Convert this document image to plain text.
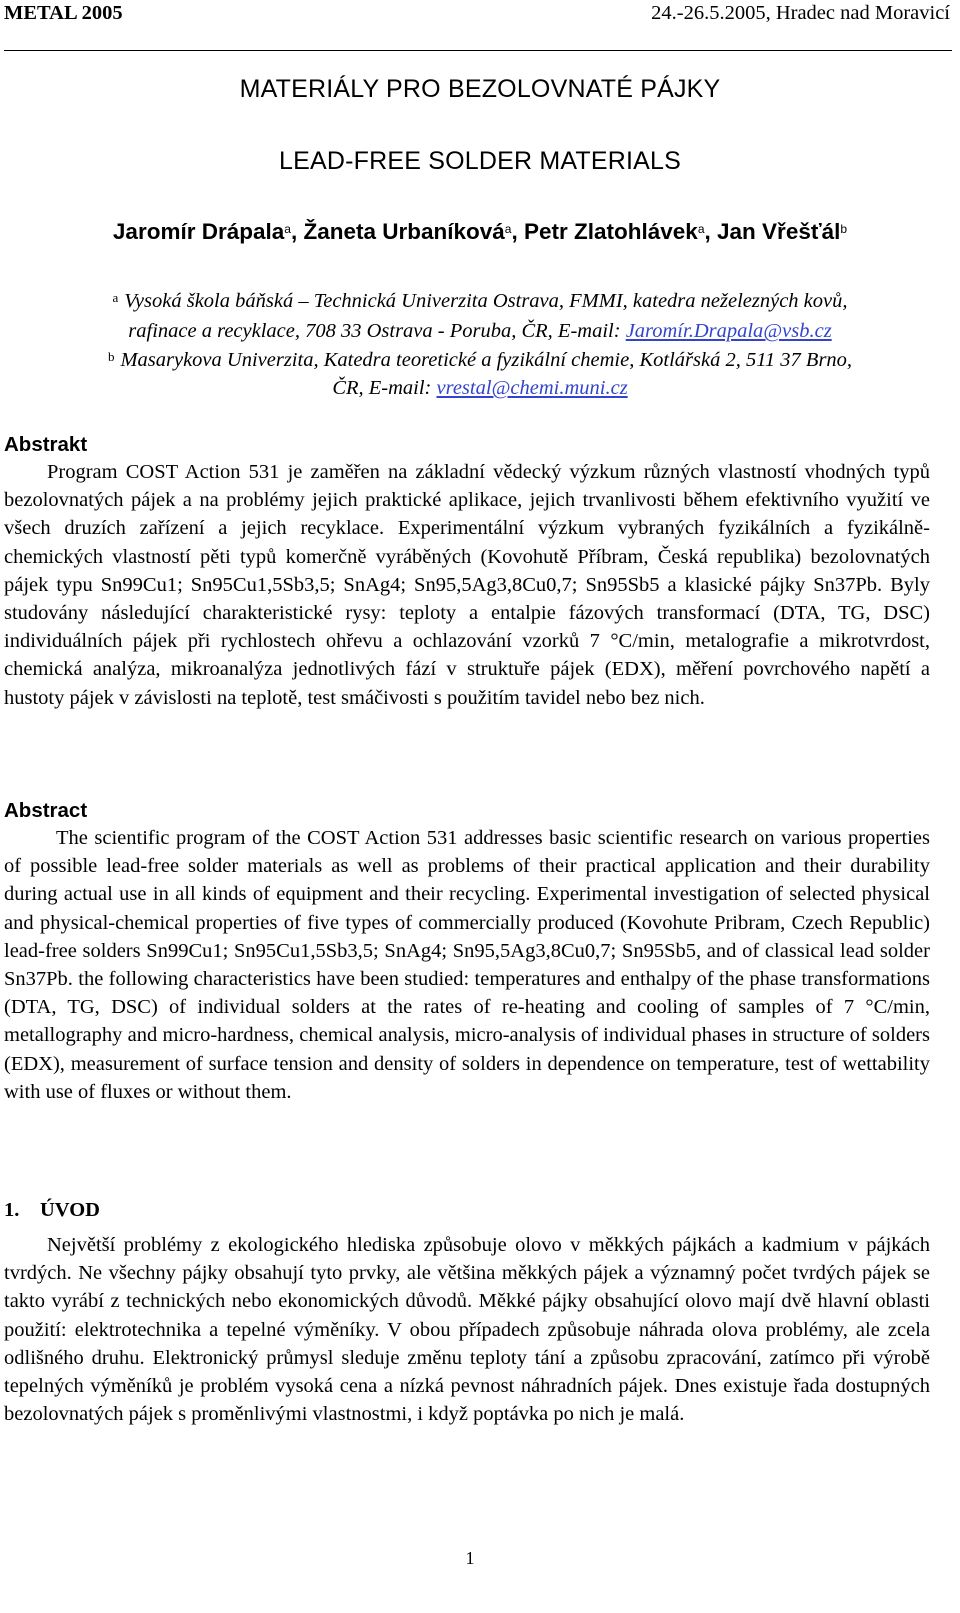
METAL 2005	24.-26.5.2005, Hradec nad Moravicí
MATERIÁLY PRO BEZOLOVNATÉ PÁJKY
LEAD-FREE SOLDER MATERIALS
Jaromír Drápala$^a$, Žaneta Urbaníková$^a$, Petr Zlatohlávek$^a$, Jan Vřešťál$^b$
$^a$ Vysoká škola báňská – Technická Univerzita Ostrava, FMMI, katedra neželezných kovů,
rafinace a recyklace, 708 33 Ostrava - Poruba, ČR, E-mail: Jaromír.Drapala@vsb.cz
$^b$ Masarykova Univerzita, Katedra teoretické a fyzikální chemie, Kotlářská 2, 511 37 Brno,
ČR, E-mail: vrestal@chemi.muni.cz
Abstrakt
Program COST Action 531 je zaměřen na základní vědecký výzkum různých vlastností vhodných typů bezolovnatých pájek a na problémy jejich praktické aplikace, jejich trvanlivosti během efektivního využití ve všech druzích zařízení a jejich recyklace. Experimentální výzkum vybraných fyzikálních a fyzikálně-chemických vlastností pěti typů komerčně vyráběných (Kovohutě Příbram, Česká republika) bezolovnatých pájek typu Sn99Cu1; Sn95Cu1,5Sb3,5; SnAg4; Sn95,5Ag3,8Cu0,7; Sn95Sb5 a klasické pájky Sn37Pb. Byly studovány následující charakteristické rysy: teploty a entalpie fázových transformací (DTA, TG, DSC) individuálních pájek při rychlostech ohřevu a ochlazování vzorků 7 °C/min, metalografie a mikrotvrdost, chemická analýza, mikroanalýza jednotlivých fází v struktuře pájek (EDX), měření povrchového napětí a hustoty pájek v závislosti na teplotě, test smáčivosti s použitím tavidel nebo bez nich.
Abstract
The scientific program of the COST Action 531 addresses basic scientific research on various properties of possible lead-free solder materials as well as problems of their practical application and their durability during actual use in all kinds of equipment and their recycling. Experimental investigation of selected physical and physical-chemical properties of five types of commercially produced (Kovohute Pribram, Czech Republic) lead-free solders Sn99Cu1; Sn95Cu1,5Sb3,5; SnAg4; Sn95,5Ag3,8Cu0,7; Sn95Sb5, and of classical lead solder Sn37Pb. the following characteristics have been studied: temperatures and enthalpy of the phase transformations (DTA, TG, DSC) of individual solders at the rates of re-heating and cooling of samples of 7 °C/min, metallography and micro-hardness, chemical analysis, micro-analysis of individual phases in structure of solders (EDX), measurement of surface tension and density of solders in dependence on temperature, test of wettability with use of fluxes or without them.
1. ÚVOD
Největší problémy z ekologického hlediska způsobuje olovo v měkkých pájkách a kadmium v pájkách tvrdých. Ne všechny pájky obsahují tyto prvky, ale většina měkkých pájek a významný počet tvrdých pájek se takto vyrábí z technických nebo ekonomických důvodů. Měkké pájky obsahující olovo mají dvě hlavní oblasti použití: elektrotechnika a tepelné výměníky. V obou případech způsobuje náhrada olova problémy, ale zcela odlišného druhu. Elektronický průmysl sleduje změnu teploty tání a způsobu zpracování, zatímco při výrobě tepelných výměníků je problém vysoká cena a nízká pevnost náhradních pájek. Dnes existuje řada dostupných bezolovnatých pájek s proměnlivými vlastnostmi, i když poptávka po nich je malá.
1
